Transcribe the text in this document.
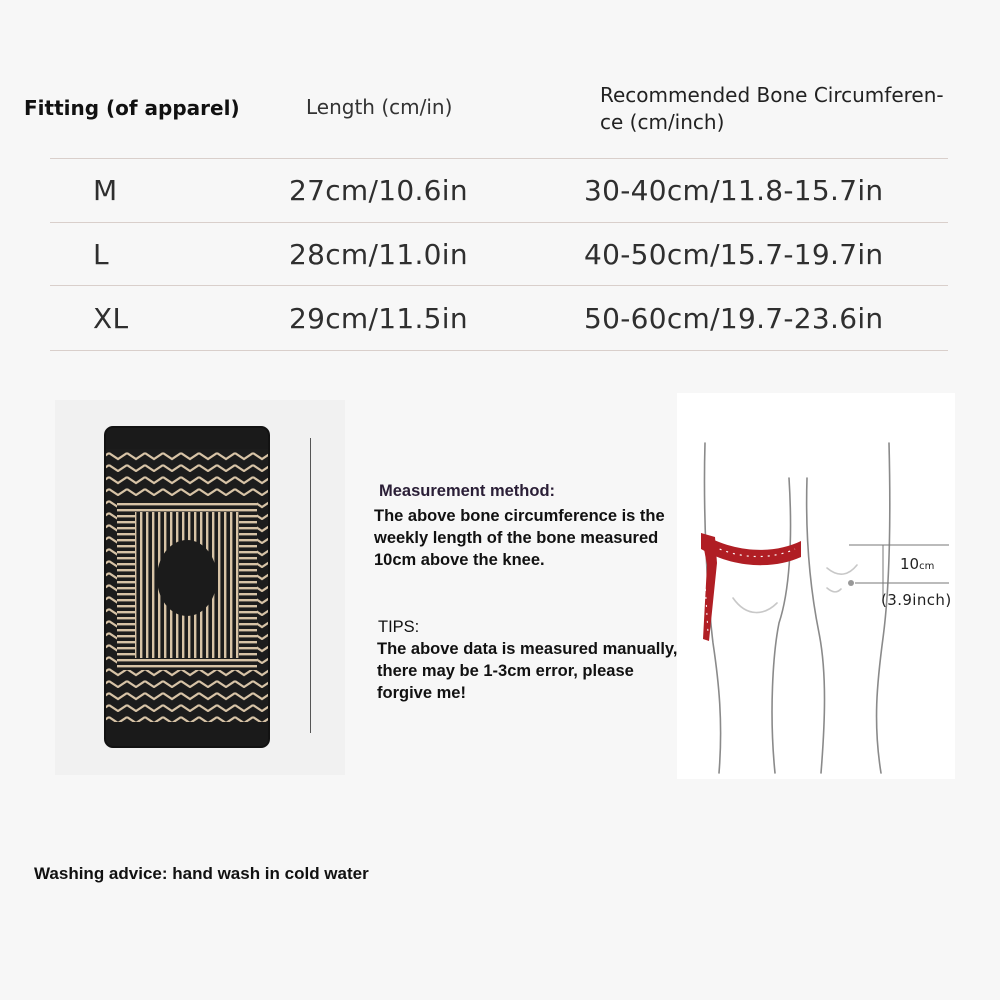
Fitting (of apparel)	Length (cm/in)	Recommended Bone Circumferen-
ce (cm/inch)
M	27cm/10.6in	30-40cm/11.8-15.7in
L	28cm/11.0in	40-50cm/15.7-19.7in
XL	29cm/11.5in	50-60cm/19.7-23.6in
Measurement method:
The above bone circumference is the
weekly length of the bone measured
10cm above the knee.
TIPS:
The above data is measured manually,
there may be 1-3cm error, please
forgive me!
10cm
(3.9inch)
Washing advice: hand wash in cold water
